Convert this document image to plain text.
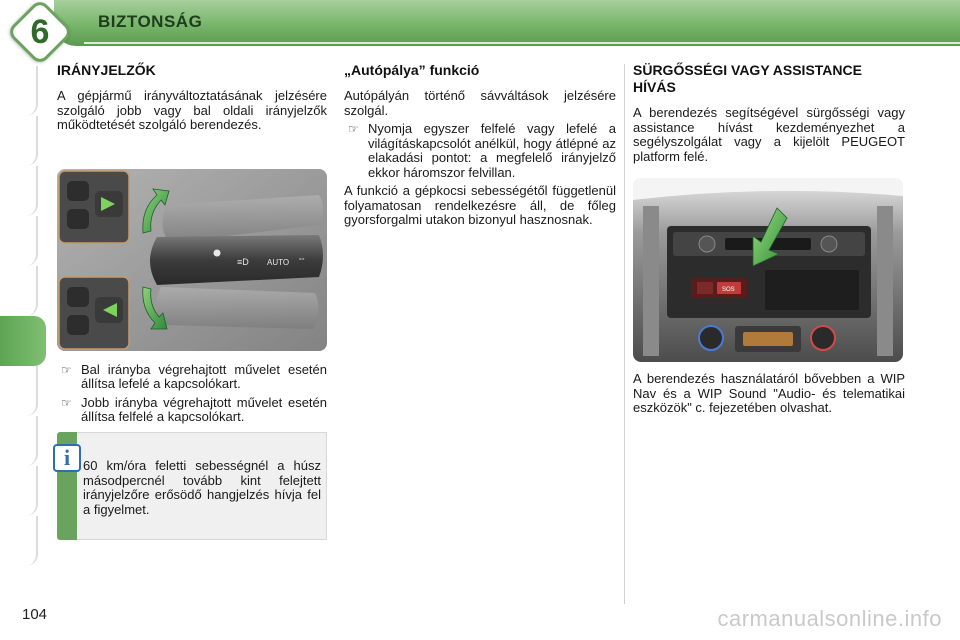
6	BIZTONSÁG
IRÁNYJELZŐK

A gépjármű irányváltoztatásának jelzésére szolgáló jobb vagy bal oldali irányjelzők működtetését szolgáló berendezés.

≡D AUTO ⇔
☞ Bal irányba végrehajtott művelet esetén állítsa lefelé a kapcsolókart.
☞ Jobb irányba végrehajtott művelet esetén állítsa felfelé a kapcsolókart.
i 60 km/óra feletti sebességnél a húsz másodpercnél tovább kint felejtett irányjelzőre erősödő hangjelzés hívja fel a figyelmet.
„Autópálya” funkció

Autópályán történő sávváltások jelzésére szolgál.

☞ Nyomja egyszer felfelé vagy lefelé a világításkapcsolót anélkül, hogy átlépné az elakadási pontot: a megfelelő irányjelző ekkor háromszor felvillan.

A funkció a gépkocsi sebességétől függetlenül folyamatosan rendelkezésre áll, de főleg gyorsforgalmi utakon bizonyul hasznosnak.

SÜRGŐSSÉGI VAGY ASSISTANCE HÍVÁS

A berendezés segítségével sürgősségi vagy assistance hívást kezdeményezhet a segélyszolgálat vagy a kijelölt PEUGEOT platform felé.

SOS

A berendezés használatáról bővebben a WIP Nav és a WIP Sound "Audio- és telematikai eszközök" c. fejezetében olvashat.

104	carmanualsonline.info
